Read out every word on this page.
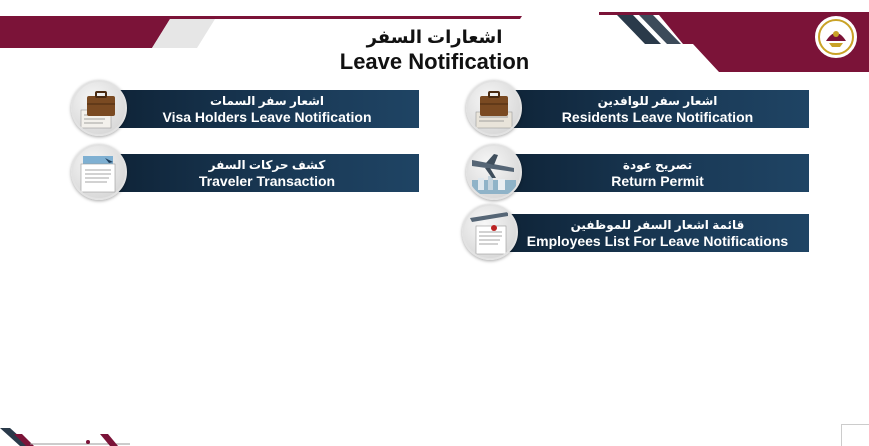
اشعارات السفر
Leave Notification
اشعار سفر للوافدين
Residents Leave Notification
اشعار سفر السمات
Visa Holders Leave Notification
تصريح عودة
Return Permit
كشف حركات السفر
Traveler Transaction
قائمة اشعار السفر للموظفين
Employees List For Leave Notifications
